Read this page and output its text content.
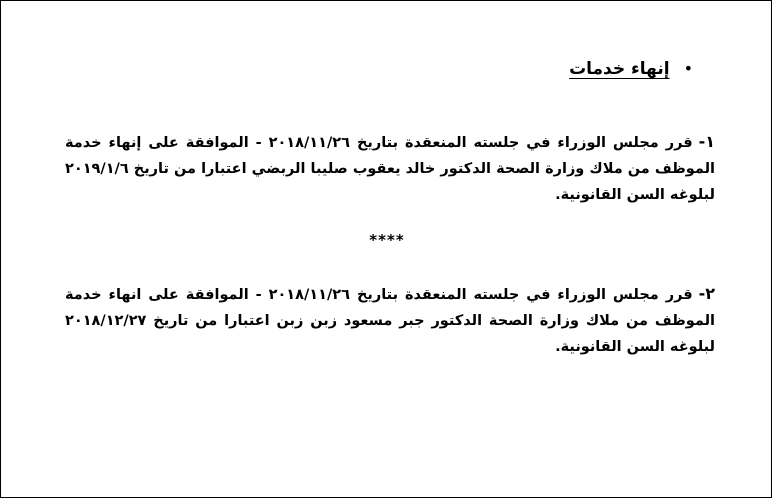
•
إنهاء خدمات
١-قرر مجلس الوزراء في جلسته المنعقدة بتاريخ ٢٠١٨/١١/٢٦ - الموافقة على إنهاء خدمة الموظف من ملاك وزارة الصحة الدكتور خالد يعقوب صليبا الربضي اعتبارا من تاريخ ٢٠١٩/١/٦ لبلوغه السن القانونية.
****
٢-قرر مجلس الوزراء في جلسته المنعقدة بتاريخ ٢٠١٨/١١/٢٦ - الموافقة على انهاء خدمة الموظف من ملاك وزارة الصحة الدكتور جبر مسعود زبن زبن اعتبارا من تاريخ ٢٠١٨/١٢/٢٧ لبلوغه السن القانونية.
